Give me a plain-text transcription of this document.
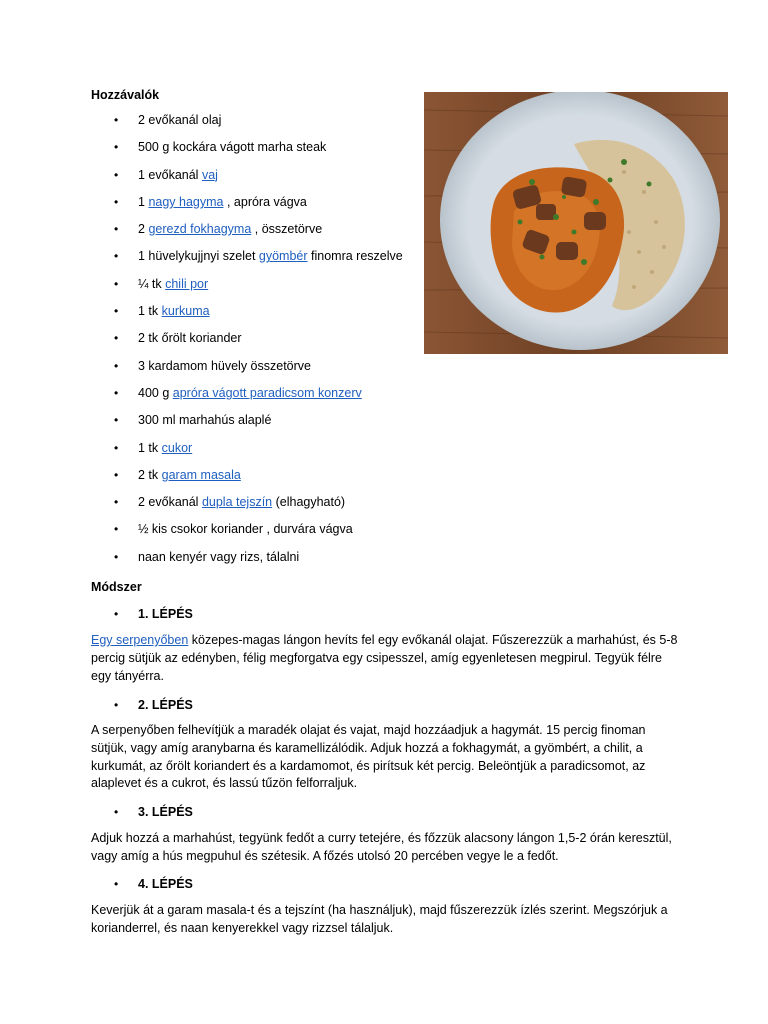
Hozzávalók
• 2 evőkanál olaj
• 500 g kockára vágott marha steak
• 1 evőkanál vaj
• 1 nagy hagyma , apróra vágva
• 2 gerezd fokhagyma , összetörve
• 1 hüvelykujjnyi szelet gyömbér finomra reszelve
• ¼ tk chili por
• 1 tk kurkuma
• 2 tk őrölt koriander
• 3 kardamom hüvely összetörve
• 400 g apróra vágott paradicsom konzerv
• 300 ml marhahús alaplé
• 1 tk cukor
• 2 tk garam masala
• 2 evőkanál dupla tejszín (elhagyható)
• ½ kis csokor koriander , durvára vágva
• naan kenyér vagy rizs, tálalni
Módszer
• 1. LÉPÉS

Egy serpenyőben közepes-magas lángon hevíts fel egy evőkanál olajat. Fűszerezzük a marhahúst, és 5-8 percig sütjük az edényben, félig megforgatva egy csipesszel, amíg egyenletesen megpirul. Tegyük félre egy tányérra.

• 2. LÉPÉS

A serpenyőben felhevítjük a maradék olajat és vajat, majd hozzáadjuk a hagymát. 15 percig finoman sütjük, vagy amíg aranybarna és karamellizálódik. Adjuk hozzá a fokhagymát, a gyömbért, a chilit, a kurkumát, az őrölt koriandert és a kardamomot, és pirítsuk két percig. Beleöntjük a paradicsomot, az alaplevet és a cukrot, és lassú tűzön felforraljuk.

• 3. LÉPÉS

Adjuk hozzá a marhahúst, tegyünk fedőt a curry tetejére, és főzzük alacsony lángon 1,5-2 órán keresztül, vagy amíg a hús megpuhul és szétesik. A főzés utolsó 20 percében vegye le a fedőt.

• 4. LÉPÉS

Keverjük át a garam masala-t és a tejszínt (ha használjuk), majd fűszerezzük ízlés szerint. Megszórjuk a korianderrel, és naan kenyerekkel vagy rizzsel tálaljuk.
